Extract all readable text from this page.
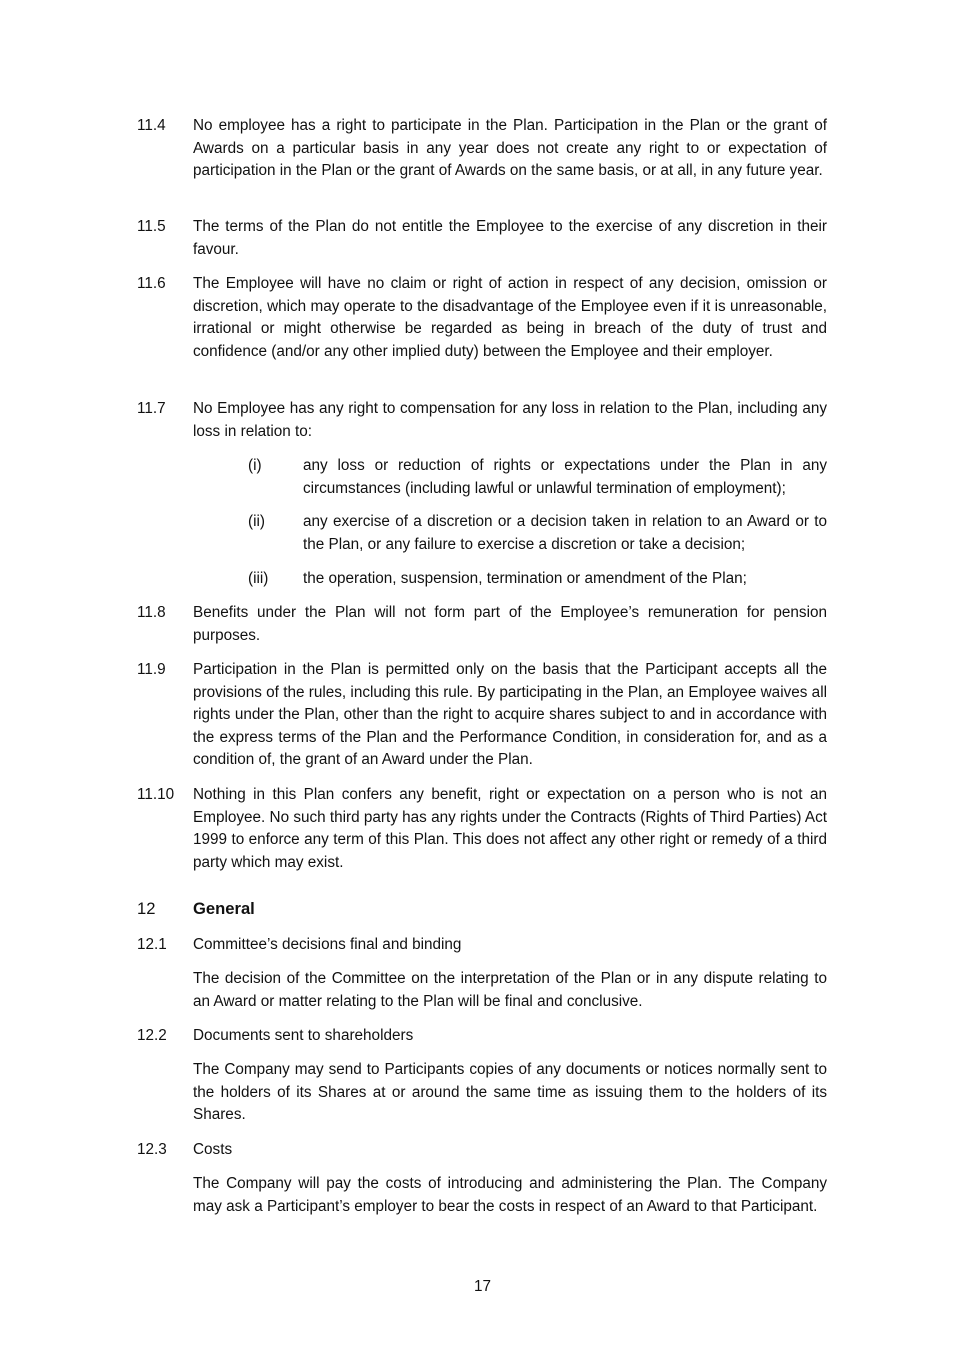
11.4	No employee has a right to participate in the Plan. Participation in the Plan or the grant of Awards on a particular basis in any year does not create any right to or expectation of participation in the Plan or the grant of Awards on the same basis, or at all, in any future year.
11.5	The terms of the Plan do not entitle the Employee to the exercise of any discretion in their favour.
11.6	The Employee will have no claim or right of action in respect of any decision, omission or discretion, which may operate to the disadvantage of the Employee even if it is unreasonable, irrational or might otherwise be regarded as being in breach of the duty of trust and confidence (and/or any other implied duty) between the Employee and their employer.
11.7	No Employee has any right to compensation for any loss in relation to the Plan, including any loss in relation to:
(i)	any loss or reduction of rights or expectations under the Plan in any circumstances (including lawful or unlawful termination of employment);
(ii)	any exercise of a discretion or a decision taken in relation to an Award or to the Plan, or any failure to exercise a discretion or take a decision;
(iii)	the operation, suspension, termination or amendment of the Plan;
11.8	Benefits under the Plan will not form part of the Employee’s remuneration for pension purposes.
11.9	Participation in the Plan is permitted only on the basis that the Participant accepts all the provisions of the rules, including this rule. By participating in the Plan, an Employee waives all rights under the Plan, other than the right to acquire shares subject to and in accordance with the express terms of the Plan and the Performance Condition, in consideration for, and as a condition of, the grant of an Award under the Plan.
11.10	Nothing in this Plan confers any benefit, right or expectation on a person who is not an Employee. No such third party has any rights under the Contracts (Rights of Third Parties) Act 1999 to enforce any term of this Plan. This does not affect any other right or remedy of a third party which may exist.
12	General
12.1	Committee’s decisions final and binding
The decision of the Committee on the interpretation of the Plan or in any dispute relating to an Award or matter relating to the Plan will be final and conclusive.
12.2	Documents sent to shareholders
The Company may send to Participants copies of any documents or notices normally sent to the holders of its Shares at or around the same time as issuing them to the holders of its Shares.
12.3	Costs
The Company will pay the costs of introducing and administering the Plan. The Company may ask a Participant’s employer to bear the costs in respect of an Award to that Participant.
17
